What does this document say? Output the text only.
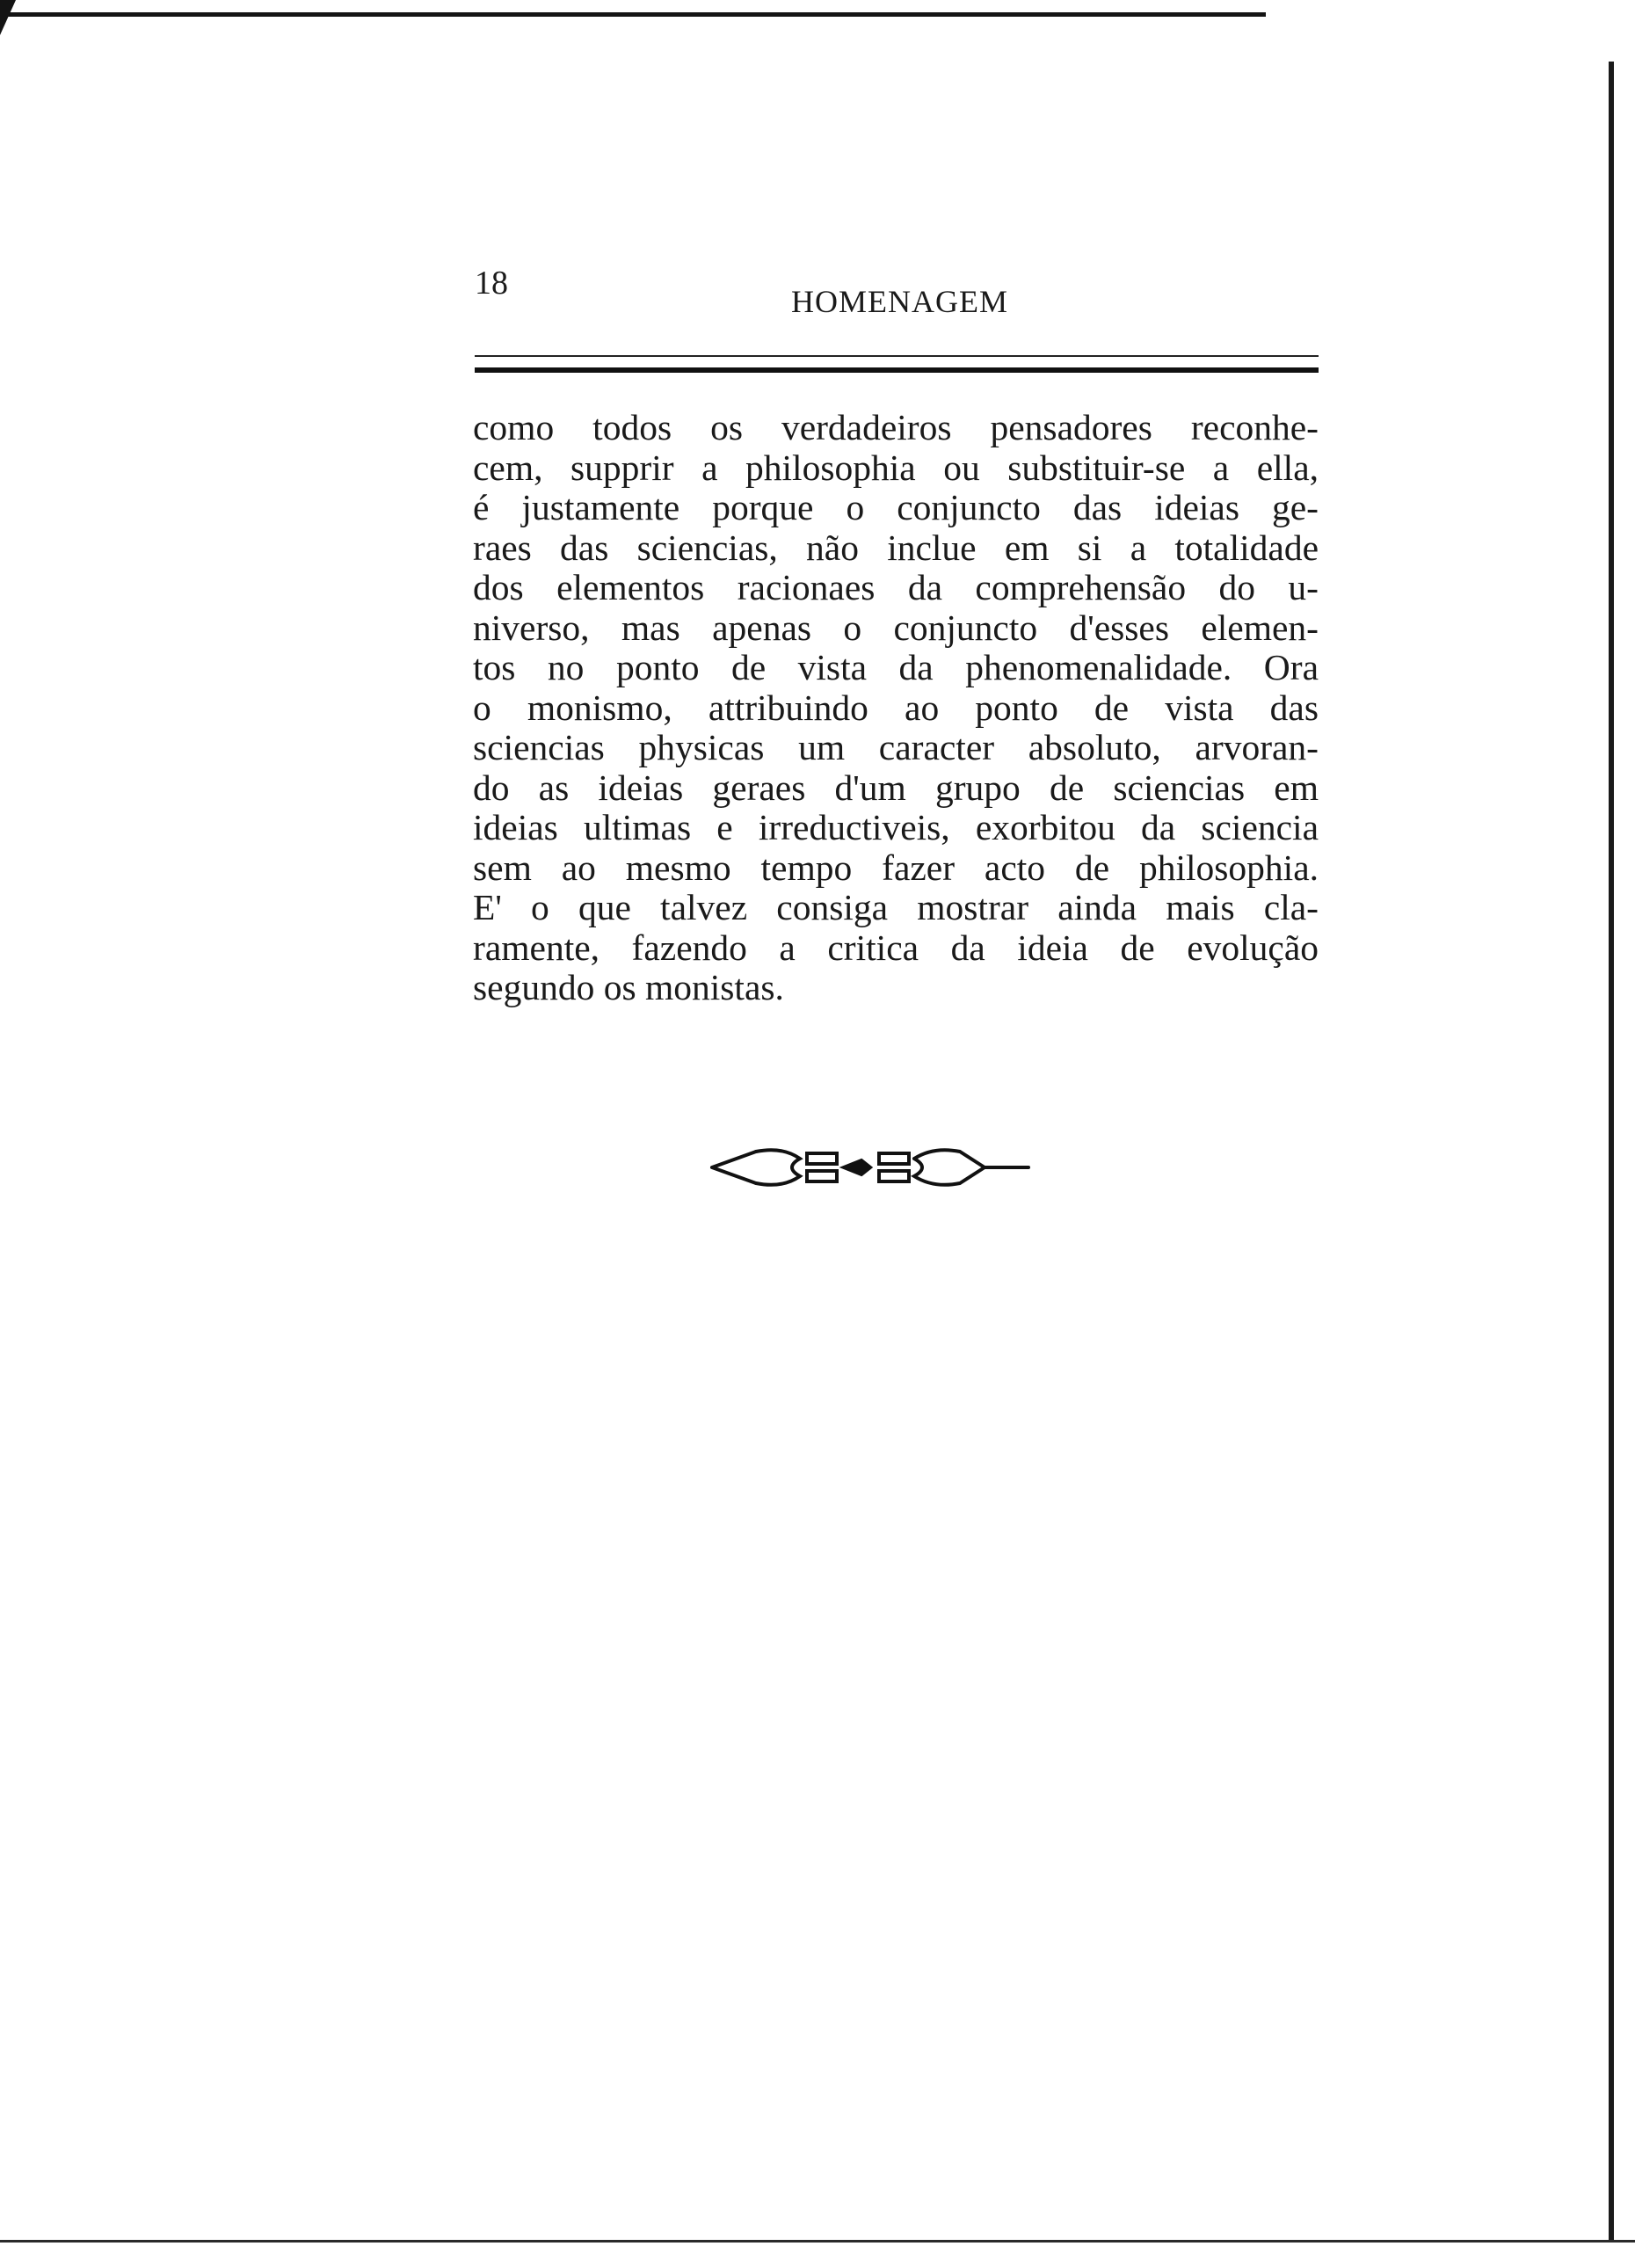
18	HOMENAGEM
como todos os verdadeiros pensadores reconhe-
cem, supprir a philosophia ou substituir-se a ella,
é justamente porque o conjuncto das ideias ge-
raes das sciencias, não inclue em si a totalidade
dos elementos racionaes da comprehensão do u-
niverso, mas apenas o conjuncto d'esses elemen-
tos no ponto de vista da phenomenalidade. Ora
o monismo, attribuindo ao ponto de vista das
sciencias physicas um caracter absoluto, arvoran-
do as ideias geraes d'um grupo de sciencias em
ideias ultimas e irreductiveis, exorbitou da sciencia
sem ao mesmo tempo fazer acto de philosophia.
E' o que talvez consiga mostrar ainda mais cla-
ramente, fazendo a critica da ideia de evolução
segundo os monistas.
